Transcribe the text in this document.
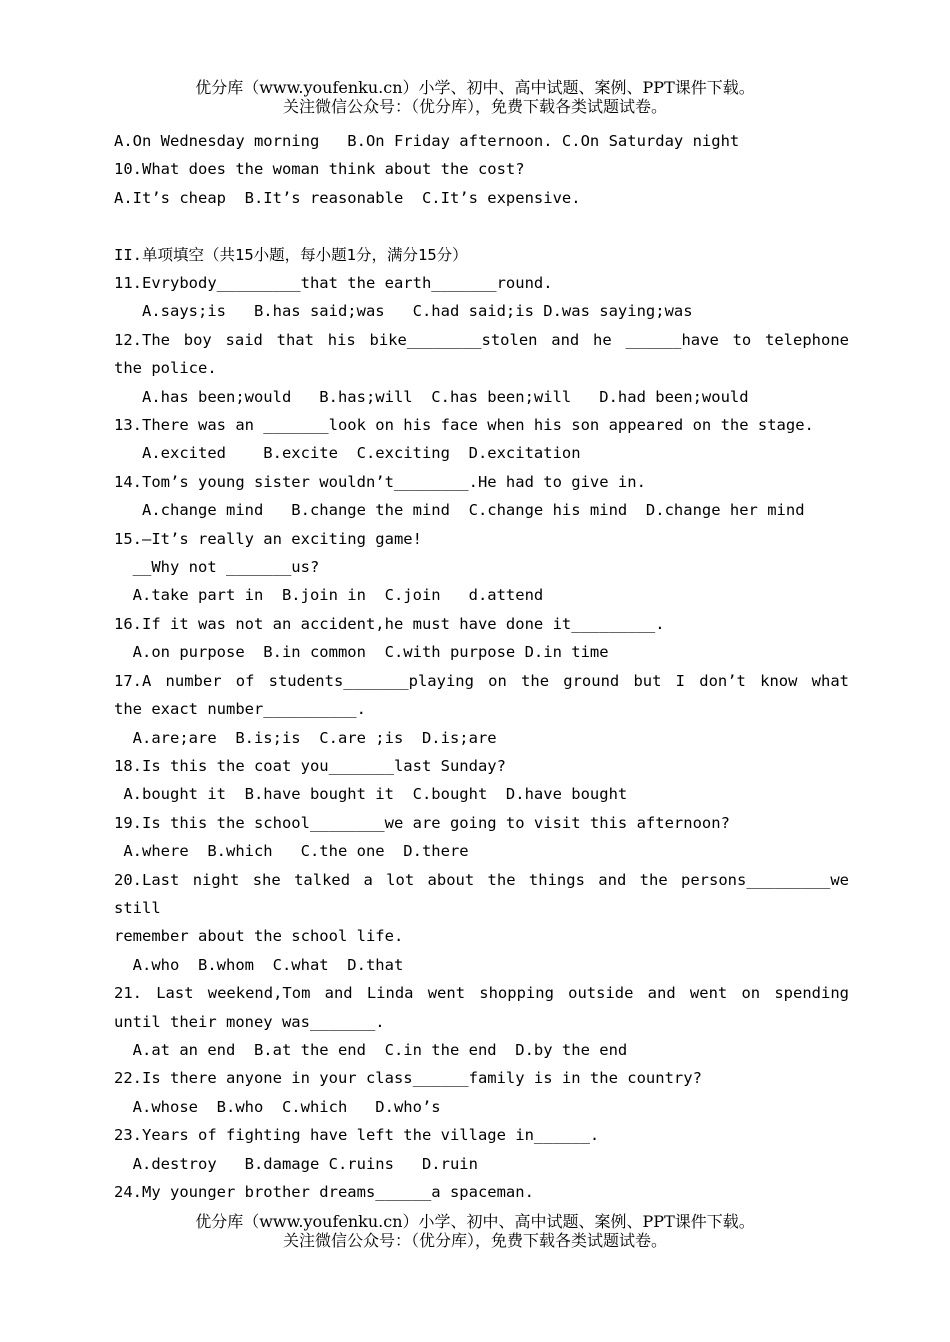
优分库（www.youfenku.cn）小学、初中、高中试题、案例、PPT课件下载。
关注微信公众号：（优分库），免费下载各类试题试卷。
A.On Wednesday morning   B.On Friday afternoon. C.On Saturday night
10.What does the woman think about the cost?
A.It’s cheap  B.It’s reasonable  C.It’s expensive.
II.单项填空（共15小题，每小题1分，满分15分）
11.Evrybody_________that the earth_______round.
A.says;is   B.has said;was   C.had said;is D.was saying;was
12.The boy said that his bike________stolen and he ______have to telephone
the police.
A.has been;would   B.has;will  C.has been;will   D.had been;would
13.There was an _______look on his face when his son appeared on the stage.
A.excited    B.excite  C.exciting  D.excitation
14.Tom’s young sister wouldn’t________.He had to give in.
A.change mind   B.change the mind  C.change his mind  D.change her mind
15.—It’s really an exciting game!
__Why not _______us?
A.take part in  B.join in  C.join   d.attend
16.If it was not an accident,he must have done it_________.
A.on purpose  B.in common  C.with purpose D.in time
17.A number of students_______playing on the ground but I don’t know what
the exact number__________.
A.are;are  B.is;is  C.are ;is  D.is;are
18.Is this the coat you_______last Sunday?
A.bought it  B.have bought it  C.bought  D.have bought
19.Is this the school________we are going to visit this afternoon?
A.where  B.which   C.the one  D.there
20.Last night she talked a lot about the things and the persons_________we
still
remember about the school life.
A.who  B.whom  C.what  D.that
21. Last weekend,Tom and Linda went shopping outside and went on spending
until their money was_______.
A.at an end  B.at the end  C.in the end  D.by the end
22.Is there anyone in your class______family is in the country?
A.whose  B.who  C.which   D.who’s
23.Years of fighting have left the village in______.
A.destroy   B.damage C.ruins   D.ruin
24.My younger brother dreams______a spaceman.
优分库（www.youfenku.cn）小学、初中、高中试题、案例、PPT课件下载。
关注微信公众号：（优分库），免费下载各类试题试卷。
